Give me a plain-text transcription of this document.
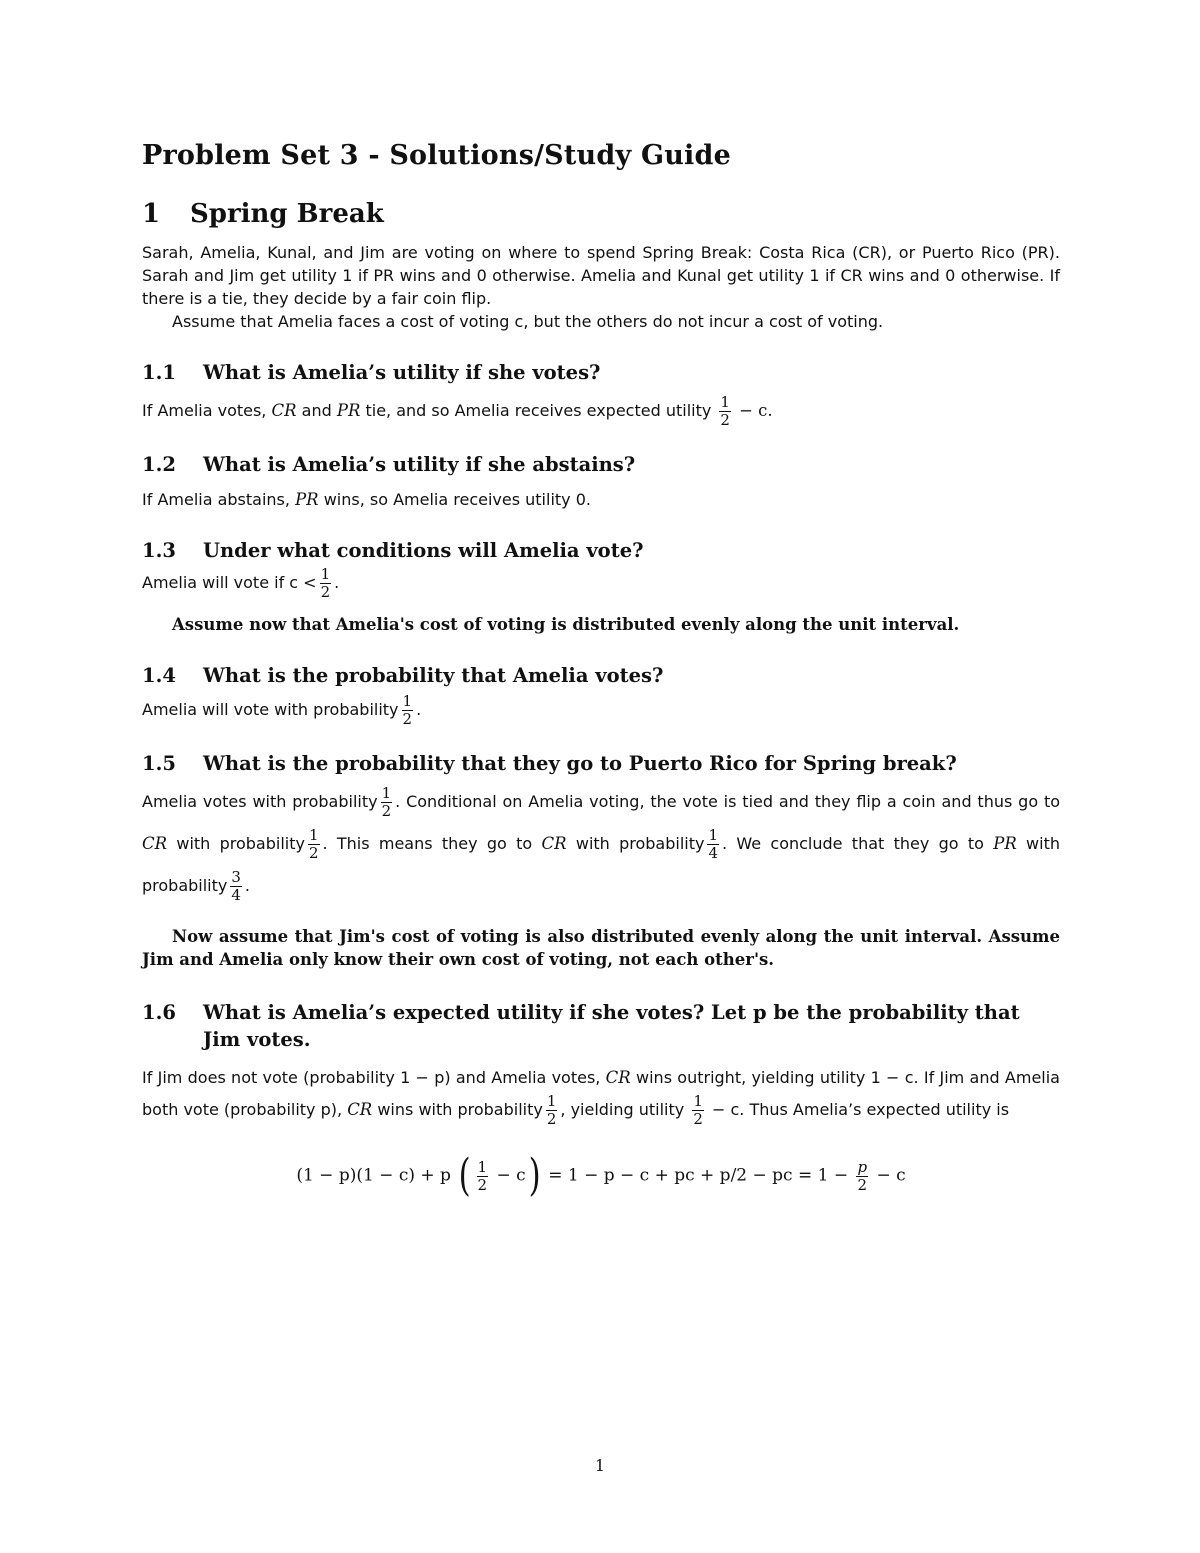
Problem Set 3 - Solutions/Study Guide
1 Spring Break

Sarah, Amelia, Kunal, and Jim are voting on where to spend Spring Break: Costa Rica (CR), or Puerto Rico (PR). Sarah and Jim get utility 1 if PR wins and 0 otherwise. Amelia and Kunal get utility 1 if CR wins and 0 otherwise. If there is a tie, they decide by a fair coin flip.

Assume that Amelia faces a cost of voting c, but the others do not incur a cost of voting.

1.1	What is Amelia’s utility if she votes?

If Amelia votes, CR and PR tie, and so Amelia receives expected utility $\frac{1}{2} - c$.

1.2	What is Amelia’s utility if she abstains?

If Amelia abstains, PR wins, so Amelia receives utility 0.

1.3	Under what conditions will Amelia vote?

Amelia will vote if $c < \frac{1}{2}$ .

Assume now that Amelia's cost of voting is distributed evenly along the unit interval.

1.4	What is the probability that Amelia votes?

Amelia will vote with probability $\frac{1}{2}$ .

1.5	What is the probability that they go to Puerto Rico for Spring break?

Amelia votes with probability $\frac{1}{2}$ . Conditional on Amelia voting, the vote is tied and they flip a coin and thus go to CR with probability $\frac{1}{2}$ . This means they go to CR with probability $\frac{1}{4}$ . We conclude that they go to PR with probability $\frac{3}{4}$ .

Now assume that Jim's cost of voting is also distributed evenly along the unit interval. Assume Jim and Amelia only know their own cost of voting, not each other's.

1.6	What is Amelia’s expected utility if she votes? Let p be the probability that Jim votes.

If Jim does not vote (probability 1 − p) and Amelia votes, CR wins outright, yielding utility 1 − c. If Jim and Amelia both vote (probability p), CR wins with probability $\frac{1}{2}$ , yielding utility $\frac{1}{2} - c$. Thus Amelia’s expected utility is

(1 − p)(1 − c) + p ( $\frac{1}{2} - c) = 1 - p - c$ + pc + p/2 − pc = $1 - \frac{p}{2} - c$
1
